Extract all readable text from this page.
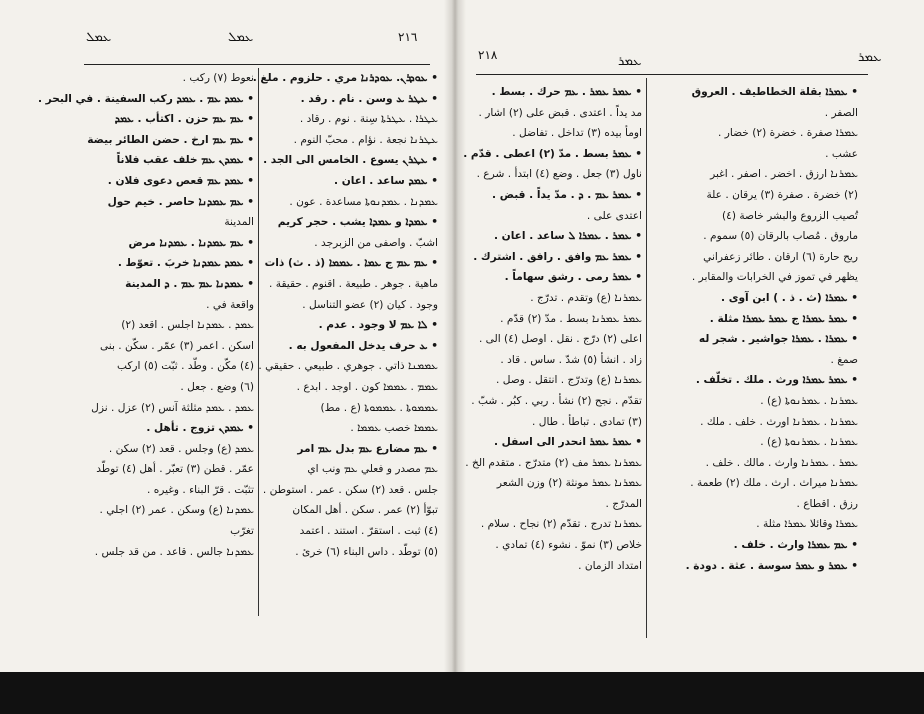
ܥܡܠ	ܥܡܠ	٢١٦
• ܥܘܕܪܢ. ܥܘܕܪܢܐ مري . حلزوم . ملغ .
• ܥܛܪ ܥ وسن . نام . رقد .
ܥܛܪܐ . ܥܛܪܬܐ سِنة . نوم . رقاد .
ܥܛܪܢܐ نجعة . نؤام . محبّ النوم .
• ܥܛܪܢ يسوع . الخامس الى الجد .
• ܥܡܕ ساعد . اعان .
ܥܡܕܢܐ . ܥܡܕܢܘܬܐ مساعدة . عون .
• ܥܡܕܐ و ܥܡܕܐ يشب . حجر كريم
اشبّ . واصفى من الزبرجد .
• ܥܡ ܥܡ ج ܥܡܐ . ܥܡܡܐ (ذ . ث) ذات
ماهية . جوهر . طبيعة . اقنوم . حقيقة .
وجود . كيان (٢) عضو التناسل .
• ܠܐ ܥܡ لا وجود . عدم .
• ܥ حرف يدخل المفعول به .
ܥܡܡܢܐ ذاتي . جوهري . طبيعي . حقيقي .
ܥܡܡ . ܥܡܡܐ كون . اوجد . ابدع .
ܥܡܡܘܬܐ . ܥܡܡܘܬܐ (ع . مط)
ܥܡܡܐ خصب ܥܡܡܐ .
• ܥܡ مضارع ܥܡ بدل ܥܡ امر
ܥܡ مصدر و فعلي ܥܡ ونب اي
جلس . قعد (٢) سكن . عمر . استوطن .
تبوّأ (٢) عمر . سكن . أهل المكان
(٤) ثبت . استقرّ . استند . اعتمد
(٥) توطّد . داس البناء (٦) خرئ .
نعوط (٧) ركب .
• ܥܡܕ ܥܡ . ܥܡܕ ركب السفينة . في البحر .
• ܥܡ ܥܡ حزن . اكتأب . ܥܡܕ
• ܥܡ ܥܡ ارخ . حضن الطائر بيضة
• ܥܡܕܢ ܥܡ خلف عقب فلاناً
• ܥܡܕ ܥܡ قعص دعوى فلان .
• ܥܡ ܥܡܕܢܐ حاصر . خيم حول
المدينة
• ܥܡ ܥܡܕܢܐ . ܥܡܕܢܐ مرض
• ܥܡܕ ܥܡܕܢܐ خربَ . تعوّط .
• ܥܡܕܢܐ ܥܡ ܥܡ . ܕ المدينة
واقعة في .
ܥܡܕ . ܥܡܕܢܐ اجلس . اقعد (٢)
اسكن . اعمر (٣) عمّر . سكّن . بنى
(٤) مكّن . وطّد . ثبّت (٥) اركب
(٦) وضع . جعل .
ܥܡܕ . ܥܡܕ مثلثة آنس (٢) عزل . نزل
• ܥܡܕܢ تزوج . تأهل .
ܥܡܕ (ع) وجلس . قعد (٢) سكن .
عمّر . قطن (٣) تعبّر . أهل (٤) توطّد
تثبّت . قرّ البناء . وغيره .
ܥܡܕܢܐ (ع) وسكن . عمر (٢) اجلي .
تغرّب
ܥܡܕܢܐ جالس . قاعد . من قد جلس .
٢١٨	ܥܡܪ	ܥܡܪ
• ܥܡܪ ܥܡܪ . ܥܡ حرك . بسط .
مد يداً . اعتدى . قبض على (٢) اشار .
اومأ بيده (٣) تداخل . تفاضل .
• ܥܡܪ بسط . مدّ (٢) اعطى . قدّم .
ناول (٣) جعل . وضع (٤) ابتدأ . شرع .
• ܥܡܪ ܥܡ . ܕ . مدّ يداً . قبض .
اعتدى على .
• ܥܡܪ . ܥܡܪܐ ܠ ساعد . اعان .
• ܥܡܪ ܥܡ وافق . رافق . اشترك .
• ܥܡܪ رمى . رشق سهاماً .
ܥܡܪܢܐ (ع) وتقدم . تدرّج .
ܥܡܪ ܥܡܪܢܐ بسط . مدّ (٢) قدّم .
اعلى (٢) درّج . نقل . اوصل (٤) الى .
زاد . انشأ (٥) شدّ . ساس . قاد .
ܥܡܪܢܐ (ع) وتدرّج . انتقل . وصل .
تقدّم . نجح (٢) نشأ . ربي . كبُر . شبّ .
(٣) تمادى . تباطأ . طال .
• ܥܡܪ ܥܡܪ انحدر الى اسفل .
ܥܡܪܢܐ ܥܡܪ مف (٢) متدرّج . متقدم الخ .
ܥܡܪܢܐ ܥܡܪ مونثة (٢) وزن الشعر
المدرّج .
ܥܡܪܢܐ تدرج . تقدّم (٢) نجاح . سلام .
خلاص (٣) نموّ . نشوء (٤) تمادي .
امتداد الزمان .
• ܥܡܪܐ بقلة الخطاطيف . العروق
الصفر .
ܥܡܪܐ صفرة . خضرة (٢) خضار .
عشب .
ܥܡܪܢܐ ارزق . اخضر . اصفر . اغبر
(٢) خضرة . صفرة (٣) يرقان . علة
تُصيب الزروع والبشر خاصة (٤)
ماروق . مُصاب بالرقان (٥) سموم .
ريح حارة (٦) ارقان . طائر زعفراني
يظهر في تموز في الخرابات والمقابر .
• ܥܡܪܐ (ث . ذ . ) ابن آوى .
• ܥܡܪ ܥܡܪܐ ج ܥܡܪ ܥܡܪܐ مثلة .
• ܥܡܪܐ . ܥܡܪܐ جواشير . شجر له
صمغ .
• ܥܡܪ ܥܡܪܐ ورث . ملك . تخلّف .
ܥܡܪܢܐ . ܥܡܪܢܘܬܐ (ع) .
ܥܡܪܢܐ . ܥܡܪܢܐ اورث . خلف . ملك .
ܥܡܪܢܐ . ܥܡܪܢܘܬܐ (ع) .
ܥܡܪ . ܥܡܪܢܐ وارث . مالك . خلف .
ܥܡܪܢܐ ميراث . ارث . ملك (٢) طعمة .
رزق . اقطاع .
ܥܡܪܐ وقائلا ܥܡܪܐ مثلة .
• ܥܡ ܥܡܪܐ وارث . خلف .
• ܥܡܪ و ܥܡܪ سوسة . عثة . دودة .
